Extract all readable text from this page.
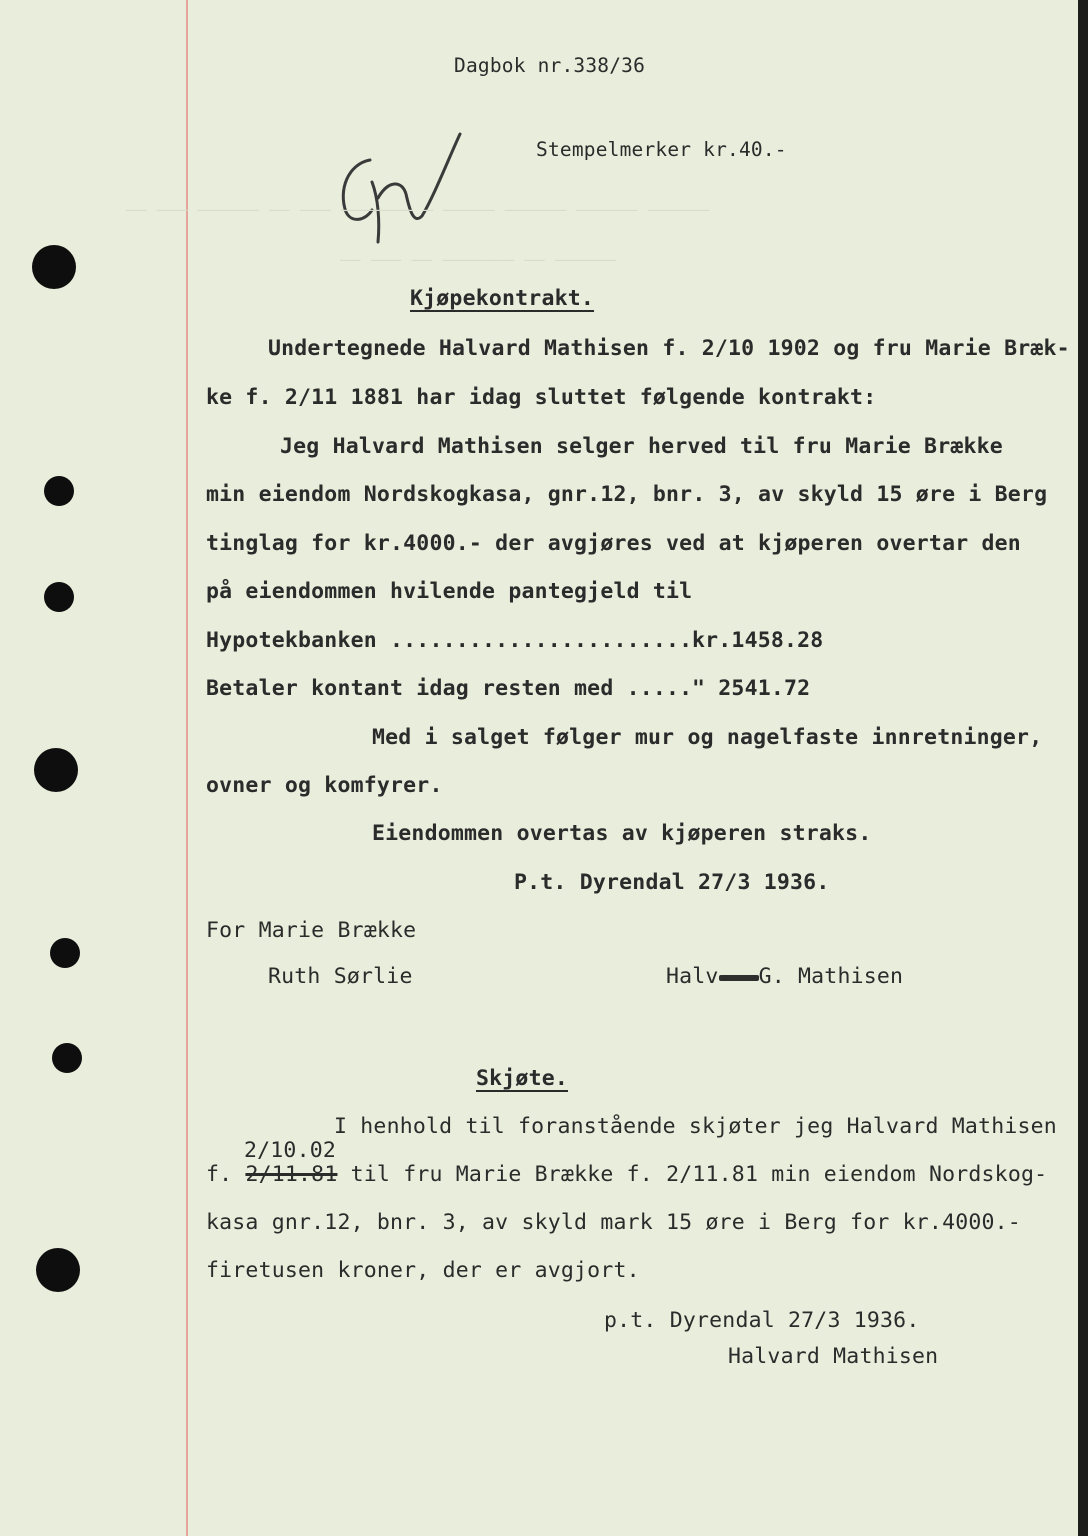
Dagbok nr.338/36
Stempelmerker kr.40.-
—— ——— —————— —— ——— ——————— — ————— —————— —————— ——————
—— ——— —— ——————— —— ——————
Kjøpekontrakt.
Undertegnede Halvard Mathisen f. 2/10 1902 og fru Marie Bræk-
ke f. 2/11 1881 har idag sluttet følgende kontrakt:
Jeg Halvard Mathisen selger herved til fru Marie Brække
min eiendom Nordskogkasa, gnr.12, bnr. 3, av skyld 15 øre i Berg
tinglag for kr.4000.- der avgjøres ved at kjøperen overtar den
på eiendommen hvilende pantegjeld til
Hypotekbanken ....................... kr.1458.28
Betaler kontant idag resten med ..... " 2541.72
Med i salget følger mur og nagelfaste innretninger,
ovner og komfyrer.
Eiendommen overtas av kjøperen straks.
P.t. Dyrendal 27/3 1936.
For Marie Brække
Ruth Sørlie	Halv G. Mathisen
Skjøte.
I henhold til foranstående skjøter jeg Halvard Mathisen
2/10.02
f. 2/11.81 til fru Marie Brække f. 2/11.81 min eiendom Nordskog-
kasa gnr.12, bnr. 3, av skyld mark 15 øre i Berg for kr.4000.-
firetusen kroner, der er avgjort.
p.t. Dyrendal 27/3 1936.
Halvard Mathisen
